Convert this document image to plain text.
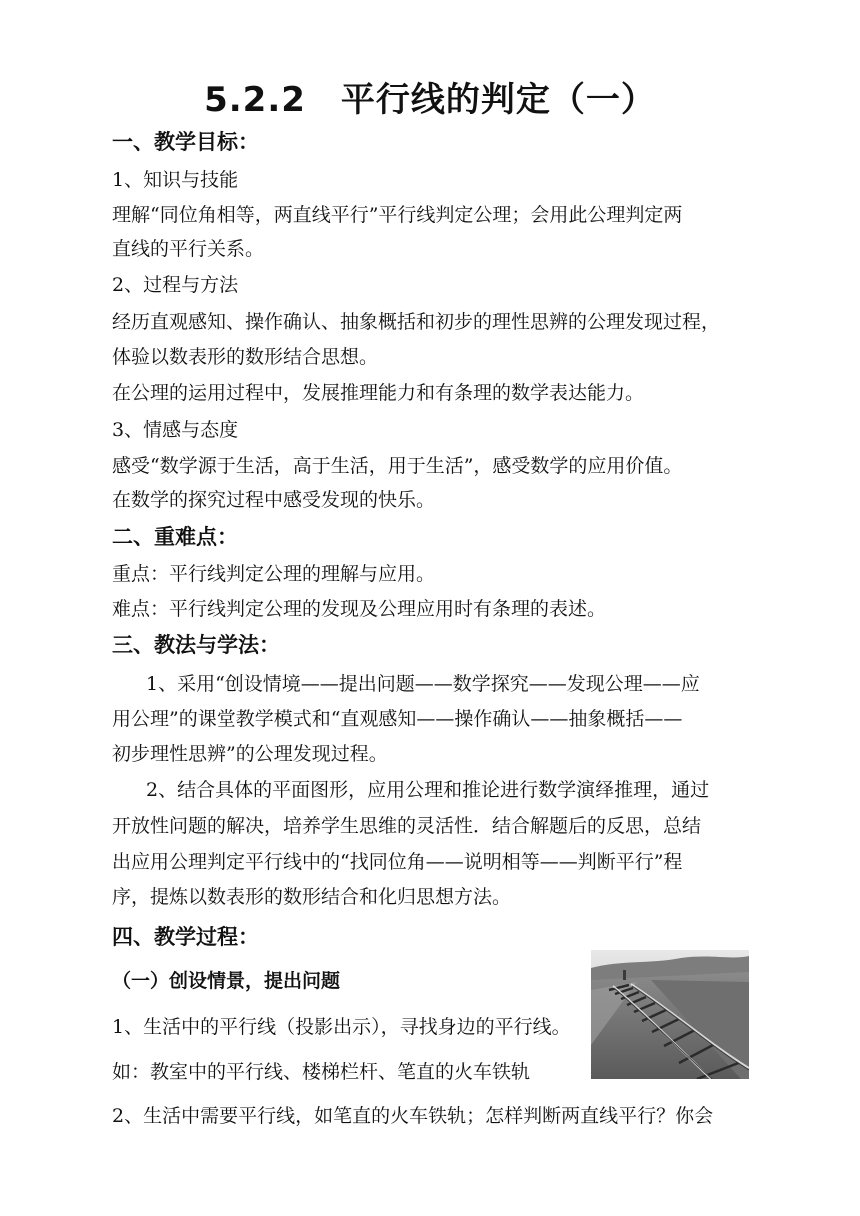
5.2.2　平行线的判定（一）

一、教学目标：

1、知识与技能

理解“同位角相等，两直线平行”平行线判定公理；会用此公理判定两

直线的平行关系。

2、过程与方法

经历直观感知、操作确认、抽象概括和初步的理性思辨的公理发现过程，

体验以数表形的数形结合思想。

在公理的运用过程中，发展推理能力和有条理的数学表达能力。

3、情感与态度

感受“数学源于生活，高于生活，用于生活”，感受数学的应用价值。

在数学的探究过程中感受发现的快乐。

二、重难点：

重点：平行线判定公理的理解与应用。

难点：平行线判定公理的发现及公理应用时有条理的表述。

三、教法与学法：

1、采用“创设情境——提出问题——数学探究——发现公理——应

用公理”的课堂教学模式和“直观感知——操作确认——抽象概括——

初步理性思辨”的公理发现过程。

2、结合具体的平面图形，应用公理和推论进行数学演绎推理，通过

开放性问题的解决，培养学生思维的灵活性．结合解题后的反思，总结

出应用公理判定平行线中的“找同位角——说明相等——判断平行”程

序，提炼以数表形的数形结合和化归思想方法。

四、教学过程：

（一）创设情景，提出问题

1、生活中的平行线（投影出示），寻找身边的平行线。

如：教室中的平行线、楼梯栏杆、笔直的火车铁轨

2、生活中需要平行线，如笔直的火车铁轨；怎样判断两直线平行？你会
